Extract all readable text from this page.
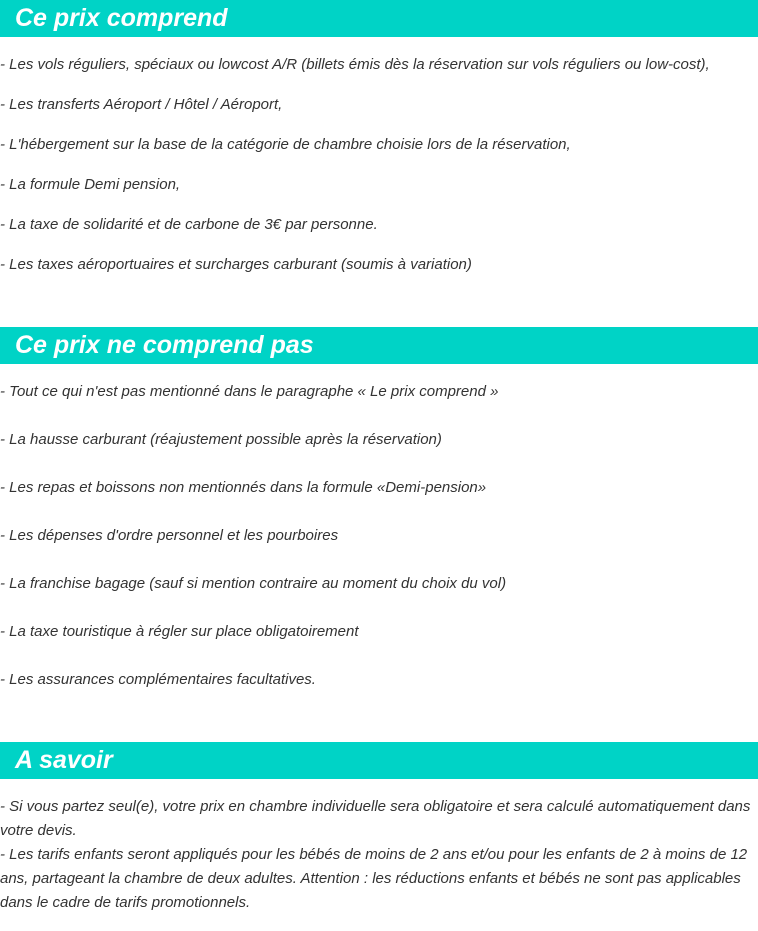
Ce prix comprend
- Les vols réguliers, spéciaux ou lowcost A/R (billets émis dès la réservation sur vols réguliers ou low-cost),
- Les transferts Aéroport / Hôtel / Aéroport,
- L'hébergement sur la base de la catégorie de chambre choisie lors de la réservation,
- La formule Demi pension,
- La taxe de solidarité et de carbone de 3€ par personne.
- Les taxes aéroportuaires et surcharges carburant (soumis à variation)
Ce prix ne comprend pas
- Tout ce qui n'est pas mentionné dans le paragraphe « Le prix comprend »
- La hausse carburant (réajustement possible après la réservation)
- Les repas et boissons non mentionnés dans la formule «Demi-pension»
- Les dépenses d'ordre personnel et les pourboires
- La franchise bagage (sauf si mention contraire au moment du choix du vol)
- La taxe touristique à régler sur place obligatoirement
- Les assurances complémentaires facultatives.
A savoir
- Si vous partez seul(e), votre prix en chambre individuelle sera obligatoire et sera calculé automatiquement dans votre devis.
- Les tarifs enfants seront appliqués pour les bébés de moins de 2 ans et/ou pour les enfants de 2 à moins de 12 ans, partageant la chambre de deux adultes. Attention : les réductions enfants et bébés ne sont pas applicables dans le cadre de tarifs promotionnels.
